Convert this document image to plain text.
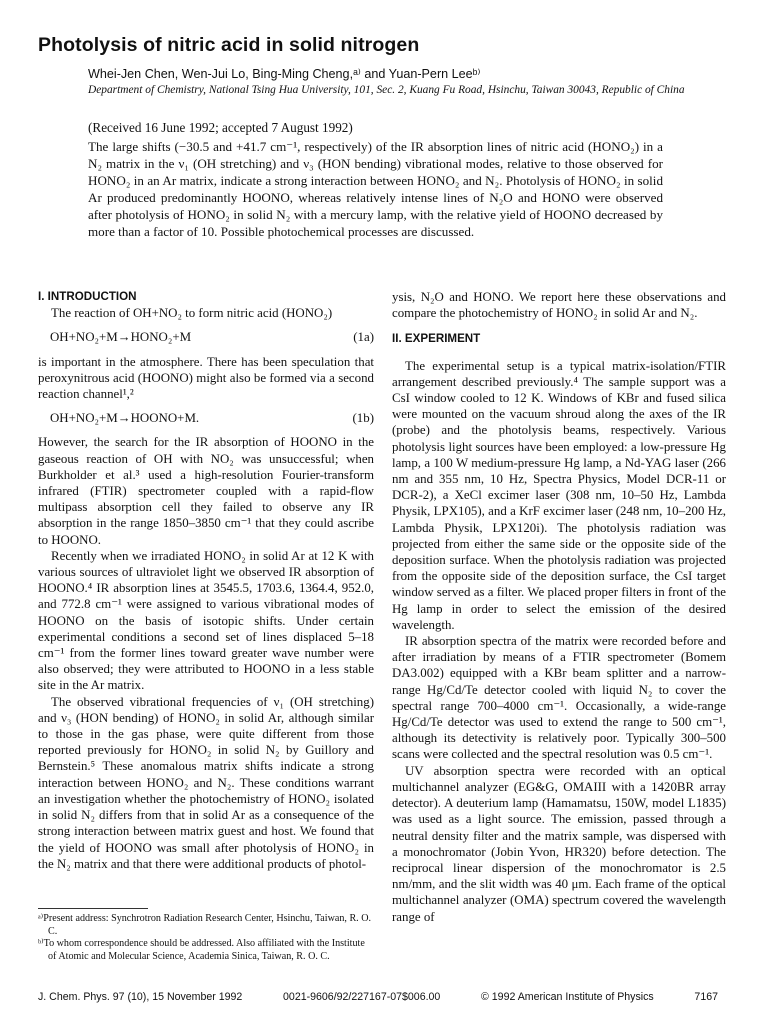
Photolysis of nitric acid in solid nitrogen
Whei-Jen Chen, Wen-Jui Lo, Bing-Ming Cheng,ᵃ⁾ and Yuan-Pern Leeᵇ⁾
Department of Chemistry, National Tsing Hua University, 101, Sec. 2, Kuang Fu Road, Hsinchu, Taiwan 30043, Republic of China
(Received 16 June 1992; accepted 7 August 1992)

The large shifts (−30.5 and +41.7 cm⁻¹, respectively) of the IR absorption lines of nitric acid (HONO₂) in a N₂ matrix in the ν₁ (OH stretching) and ν₃ (HON bending) vibrational modes, relative to those observed for HONO₂ in an Ar matrix, indicate a strong interaction between HONO₂ and N₂. Photolysis of HONO₂ in solid Ar produced predominantly HOONO, whereas relatively intense lines of N₂O and HONO were observed after photolysis of HONO₂ in solid N₂ with a mercury lamp, with the relative yield of HOONO decreased by more than a factor of 10. Possible photochemical processes are discussed.

I. INTRODUCTION

The reaction of OH+NO₂ to form nitric acid (HONO₂)

OH+NO₂+M→HONO₂+M	(1a)

is important in the atmosphere. There has been speculation that peroxynitrous acid (HOONO) might also be formed via a second reaction channel¹,²

OH+NO₂+M→HOONO+M.	(1b)

However, the search for the IR absorption of HOONO in the gaseous reaction of OH with NO₂ was unsuccessful; when Burkholder et al.³ used a high-resolution Fourier-transform infrared (FTIR) spectrometer coupled with a rapid-flow multipass absorption cell they failed to observe any IR absorption in the range 1850–3850 cm⁻¹ that they could ascribe to HOONO.

Recently when we irradiated HONO₂ in solid Ar at 12 K with various sources of ultraviolet light we observed IR absorption of HOONO.⁴ IR absorption lines at 3545.5, 1703.6, 1364.4, 952.0, and 772.8 cm⁻¹ were assigned to various vibrational modes of HOONO on the basis of isotopic shifts. Under certain experimental conditions a second set of lines displaced 5–18 cm⁻¹ from the former lines toward greater wave number were also observed; they were attributed to HOONO in a less stable site in the Ar matrix.

The observed vibrational frequencies of ν₁ (OH stretching) and ν₃ (HON bending) of HONO₂ in solid Ar, although similar to those in the gas phase, were quite different from those reported previously for HONO₂ in solid N₂ by Guillory and Bernstein.⁵ These anomalous matrix shifts indicate a strong interaction between HONO₂ and N₂. These conditions warrant an investigation whether the photochemistry of HONO₂ isolated in solid N₂ differs from that in solid Ar as a consequence of the strong interaction between matrix guest and host. We found that the yield of HOONO was small after photolysis of HONO₂ in the N₂ matrix and that there were additional products of photol-

ᵃ⁾Present address: Synchrotron Radiation Research Center, Hsinchu, Taiwan, R. O. C.

ᵇ⁾To whom correspondence should be addressed. Also affiliated with the Institute of Atomic and Molecular Science, Academia Sinica, Taiwan, R. O. C.

ysis, N₂O and HONO. We report here these observations and compare the photochemistry of HONO₂ in solid Ar and N₂.

II. EXPERIMENT

The experimental setup is a typical matrix-isolation/FTIR arrangement described previously.⁴ The sample support was a CsI window cooled to 12 K. Windows of KBr and fused silica were mounted on the vacuum shroud along the axes of the IR (probe) and the photolysis beams, respectively. Various photolysis light sources have been employed: a low-pressure Hg lamp, a 100 W medium-pressure Hg lamp, a Nd-YAG laser (266 nm and 355 nm, 10 Hz, Spectra Physics, Model DCR-11 or DCR-2), a XeCl excimer laser (308 nm, 10–50 Hz, Lambda Physik, LPX105), and a KrF excimer laser (248 nm, 10–200 Hz, Lambda Physik, LPX120i). The photolysis radiation was projected from either the same side or the opposite side of the deposition surface. When the photolysis radiation was projected from the opposite side of the deposition surface, the CsI target window served as a filter. We placed proper filters in front of the Hg lamp in order to select the emission of the desired wavelength.

IR absorption spectra of the matrix were recorded before and after irradiation by means of a FTIR spectrometer (Bomem DA3.002) equipped with a KBr beam splitter and a narrow-range Hg/Cd/Te detector cooled with liquid N₂ to cover the spectral range 700–4000 cm⁻¹. Occasionally, a wide-range Hg/Cd/Te detector was used to extend the range to 500 cm⁻¹, although its detectivity is relatively poor. Typically 300–500 scans were collected and the spectral resolution was 0.5 cm⁻¹.

UV absorption spectra were recorded with an optical multichannel analyzer (EG&G, OMAIII with a 1420BR array detector). A deuterium lamp (Hamamatsu, 150W, model L1835) was used as a light source. The emission, passed through a neutral density filter and the matrix sample, was dispersed with a monochromator (Jobin Yvon, HR320) before detection. The reciprocal linear dispersion of the monochromator is 2.5 nm/mm, and the slit width was 40 μm. Each frame of the optical multichannel analyzer (OMA) spectrum covered the wavelength range of

J. Chem. Phys. 97 (10), 15 November 1992	0021-9606/92/227167-07$006.00	© 1992 American Institute of Physics	7167
